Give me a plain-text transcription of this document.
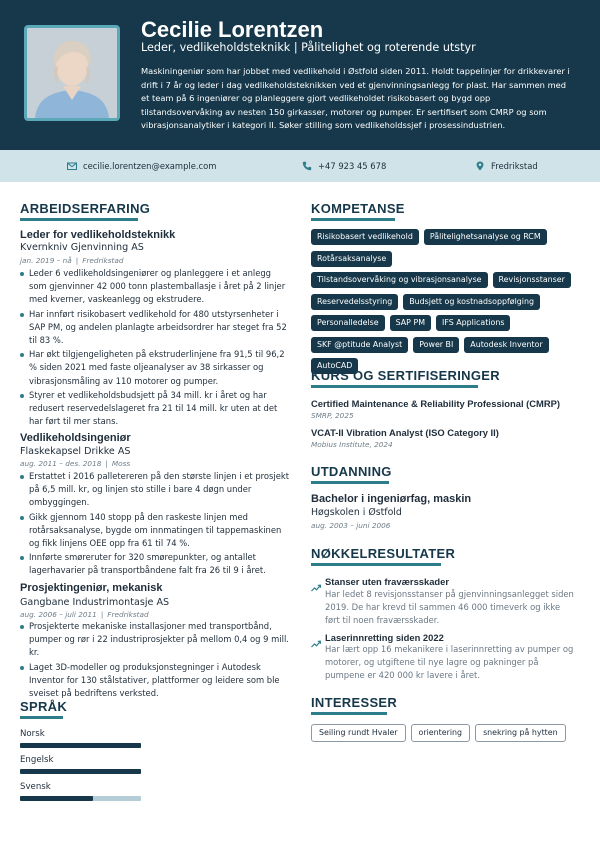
Cecilie Lorentzen
Leder, vedlikeholdsteknikk | Pålitelighet og roterende utstyr
Maskiningeniør som har jobbet med vedlikehold i Østfold siden 2011. Holdt tappelinjer for drikkevarer i drift i 7 år og leder i dag vedlikeholdsteknikken ved et gjenvinningsanlegg for plast. Har sammen med et team på 6 ingeniører og planleggere gjort vedlikeholdet risikobasert og bygd opp tilstandsovervåking av nesten 150 girkasser, motorer og pumper. Er sertifisert som CMRP og som vibrasjonsanalytiker i kategori II. Søker stilling som vedlikeholdssjef i prosessindustrien.
cecilie.lorentzen@example.com	+47 923 45 678	Fredrikstad
ARBEIDSERFARING
Leder for vedlikeholdsteknikk
Kvernkniv Gjenvinning AS
jan. 2019 – nå | Fredrikstad
Leder 6 vedlikeholdsingeniører og planleggere i et anlegg som gjenvinner 42 000 tonn plastemballasje i året på 2 linjer med kverner, vaskeanlegg og ekstrudere.
Har innført risikobasert vedlikehold for 480 utstyrsenheter i SAP PM, og andelen planlagte arbeidsordrer har steget fra 52 til 83 %.
Har økt tilgjengeligheten på ekstruderlinjene fra 91,5 til 96,2 % siden 2021 med faste oljeanalyser av 38 sirkasser og vibrasjonsmåling av 110 motorer og pumper.
Styrer et vedlikeholdsbudsjett på 34 mill. kr i året og har redusert reservedelslageret fra 21 til 14 mill. kr uten at det har ført til mer stans.
Vedlikeholdsingeniør
Flaskekapsel Drikke AS
aug. 2011 – des. 2018 | Moss
Erstattet i 2016 palletereren på den største linjen i et prosjekt på 6,5 mill. kr, og linjen sto stille i bare 4 døgn under ombyggingen.
Gikk gjennom 140 stopp på den raskeste linjen med rotårsaksanalyse, bygde om innmatingen til tappemaskinen og fikk linjens OEE opp fra 61 til 74 %.
Innførte smøreruter for 320 smørepunkter, og antallet lagerhavarier på transportbåndene falt fra 26 til 9 i året.
Prosjektingeniør, mekanisk
Gangbane Industrimontasje AS
aug. 2006 – juli 2011 | Fredrikstad
Prosjekterte mekaniske installasjoner med transportbånd, pumper og rør i 22 industriprosjekter på mellom 0,4 og 9 mill. kr.
Laget 3D-modeller og produksjonstegninger i Autodesk Inventor for 130 stålstativer, plattformer og leidere som ble sveiset på bedriftens verksted.
SPRÅK
Norsk
Engelsk
Svensk
KOMPETANSE
Risikobasert vedlikehold	Pålitelighetsanalyse og RCM
Rotårsaksanalyse
Tilstandsovervåking og vibrasjonsanalyse	Revisjonsstanser
Reservedelsstyring	Budsjett og kostnadsoppfølging
Personalledelse	SAP PM	IFS Applications
SKF @ptitude Analyst	Power BI	Autodesk Inventor
AutoCAD
KURS OG SERTIFISERINGER
Certified Maintenance & Reliability Professional (CMRP)
SMRP, 2025
VCAT-II Vibration Analyst (ISO Category II)
Mobius Institute, 2024
UTDANNING
Bachelor i ingeniørfag, maskin
Høgskolen i Østfold
aug. 2003 – juni 2006
NØKKELRESULTATER
Stanser uten fraværsskader
Har ledet 8 revisjonsstanser på gjenvinningsanlegget siden 2019. De har krevd til sammen 46 000 timeverk og ikke ført til noen fraværsskader.
Laserinnretting siden 2022
Har lært opp 16 mekanikere i laserinnretting av pumper og motorer, og utgiftene til nye lagre og pakninger på pumpene er 420 000 kr lavere i året.
INTERESSER
Seiling rundt Hvaler	orientering	snekring på hytten
